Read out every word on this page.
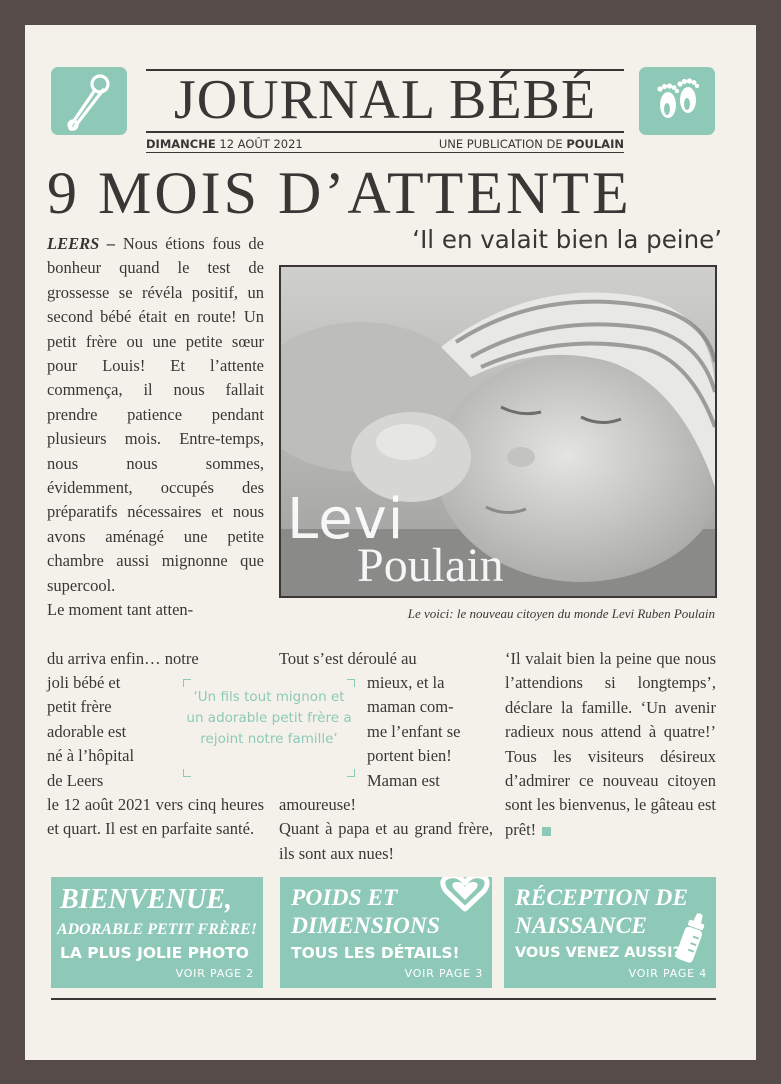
JOURNAL BÉBÉ
DIMANCHE 12 AOÛT 2021	UNE PUBLICATION DE POULAIN
9 MOIS D’ATTENTE
‘Il en valait bien la peine’
Levi
Poulain
Le voici: le nouveau citoyen du monde Levi Ruben Poulain

LEERS – Nous étions fous de bonheur quand le test de grossesse se révéla positif, un second bébé était en route! Un petit frère ou une petite sœur pour Louis! Et l’attente commença, il nous fallait prendre patience pendant plusieurs mois. Entre-temps, nous nous sommes, évidemment, occupés des préparatifs nécessaires et nous avons aménagé une petite chambre aussi mignonne que supercool.

Le moment tant atten-

du arriva enfin… notre

joli bébé et

petit frère

adorable est

né à l’hôpital

de Leers

le 12 août 2021 vers cinq heures et quart. Il est en parfaite santé.

Tout s’est déroulé au

mieux, et la

maman com-

me l’enfant se

portent bien!

Maman est

amoureuse!

Quant à papa et au grand frère, ils sont aux nues!

‘Un fils tout mignon et un adorable petit frère a rejoint notre famille’

‘Il valait bien la peine que nous l’attendions si longtemps’, déclare la famille. ‘Un avenir radieux nous attend à quatre!’ Tous les visiteurs désireux d’admirer ce nouveau citoyen sont les bienvenus, le gâteau est prêt!

BIENVENUE,
ADORABLE PETIT FRÈRE!
LA PLUS JOLIE PHOTO
VOIR PAGE 2
POIDS ET
DIMENSIONS
TOUS LES DÉTAILS!
VOIR PAGE 3
RÉCEPTION DE
NAISSANCE
VOUS VENEZ AUSSI?
VOIR PAGE 4
